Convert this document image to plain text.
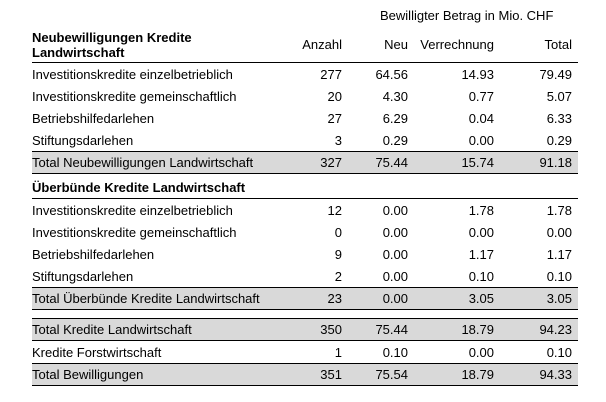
Bewilligter Betrag in Mio. CHF
Neubewilligungen Kredite
Landwirtschaft
Anzahl	Neu Verrechnung	Total
Investitionskredite einzelbetrieblich	277	64.56	14.93	79.49
Investitionskredite gemeinschaftlich	20	4.30	0.77	5.07
Betriebshilfedarlehen	27	6.29	0.04	6.33
Stiftungsdarlehen	3	0.29	0.00	0.29
Total Neubewilligungen Landwirtschaft	327	75.44	15.74	91.18
Überbünde Kredite Landwirtschaft
Investitionskredite einzelbetrieblich	12	0.00	1.78	1.78
Investitionskredite gemeinschaftlich	0	0.00	0.00	0.00
Betriebshilfedarlehen	9	0.00	1.17	1.17
Stiftungsdarlehen	2	0.00	0.10	0.10
Total Überbünde Kredite Landwirtschaft	23	0.00	3.05	3.05
Total Kredite Landwirtschaft	350	75.44	18.79	94.23
Kredite Forstwirtschaft	1	0.10	0.00	0.10
Total Bewilligungen	351	75.54	18.79	94.33
